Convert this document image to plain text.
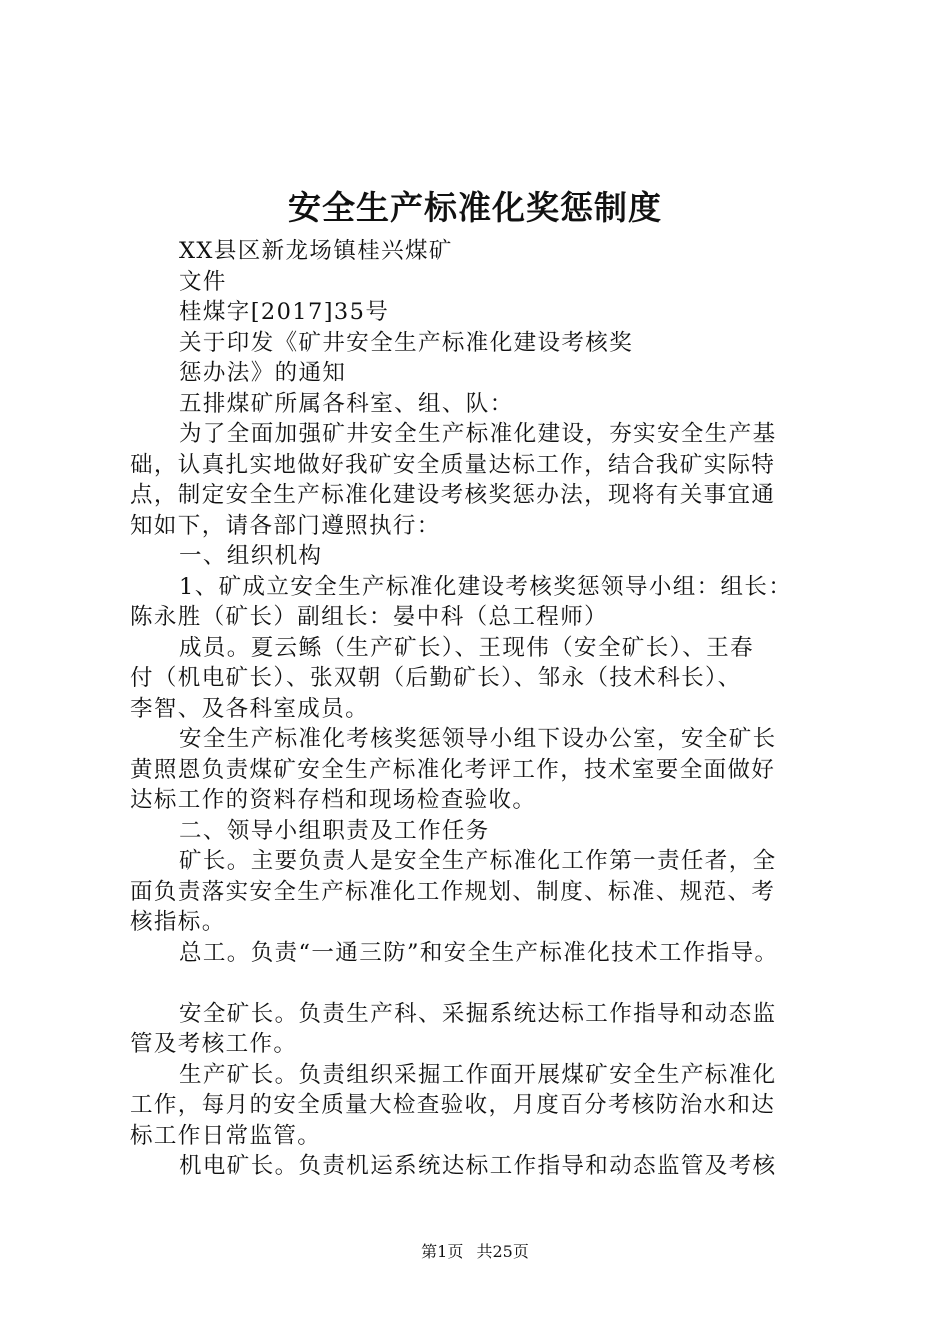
安全生产标准化奖惩制度
XX县区新龙场镇桂兴煤矿
文件
桂煤字[2017]35号
关于印发《矿井安全生产标准化建设考核奖
惩办法》的通知
五排煤矿所属各科室、组、队：
为了全面加强矿井安全生产标准化建设，夯实安全生产基
础，认真扎实地做好我矿安全质量达标工作，结合我矿实际特
点，制定安全生产标准化建设考核奖惩办法，现将有关事宜通
知如下，请各部门遵照执行：
一、组织机构
1、矿成立安全生产标准化建设考核奖惩领导小组：组长：
陈永胜（矿长）副组长：晏中科（总工程师）
成员。夏云鲧（生产矿长）、王现伟（安全矿长）、王春
付（机电矿长）、张双朝（后勤矿长）、邹永（技术科长）、
李智、及各科室成员。
安全生产标准化考核奖惩领导小组下设办公室，安全矿长
黄照恩负责煤矿安全生产标准化考评工作，技术室要全面做好
达标工作的资料存档和现场检查验收。
二、领导小组职责及工作任务
矿长。主要负责人是安全生产标准化工作第一责任者，全
面负责落实安全生产标准化工作规划、制度、标准、规范、考
核指标。
总工。负责“一通三防”和安全生产标准化技术工作指导。
安全矿长。负责生产科、采掘系统达标工作指导和动态监
管及考核工作。
生产矿长。负责组织采掘工作面开展煤矿安全生产标准化
工作，每月的安全质量大检查验收，月度百分考核防治水和达
标工作日常监管。
机电矿长。负责机运系统达标工作指导和动态监管及考核
第1页 共25页
